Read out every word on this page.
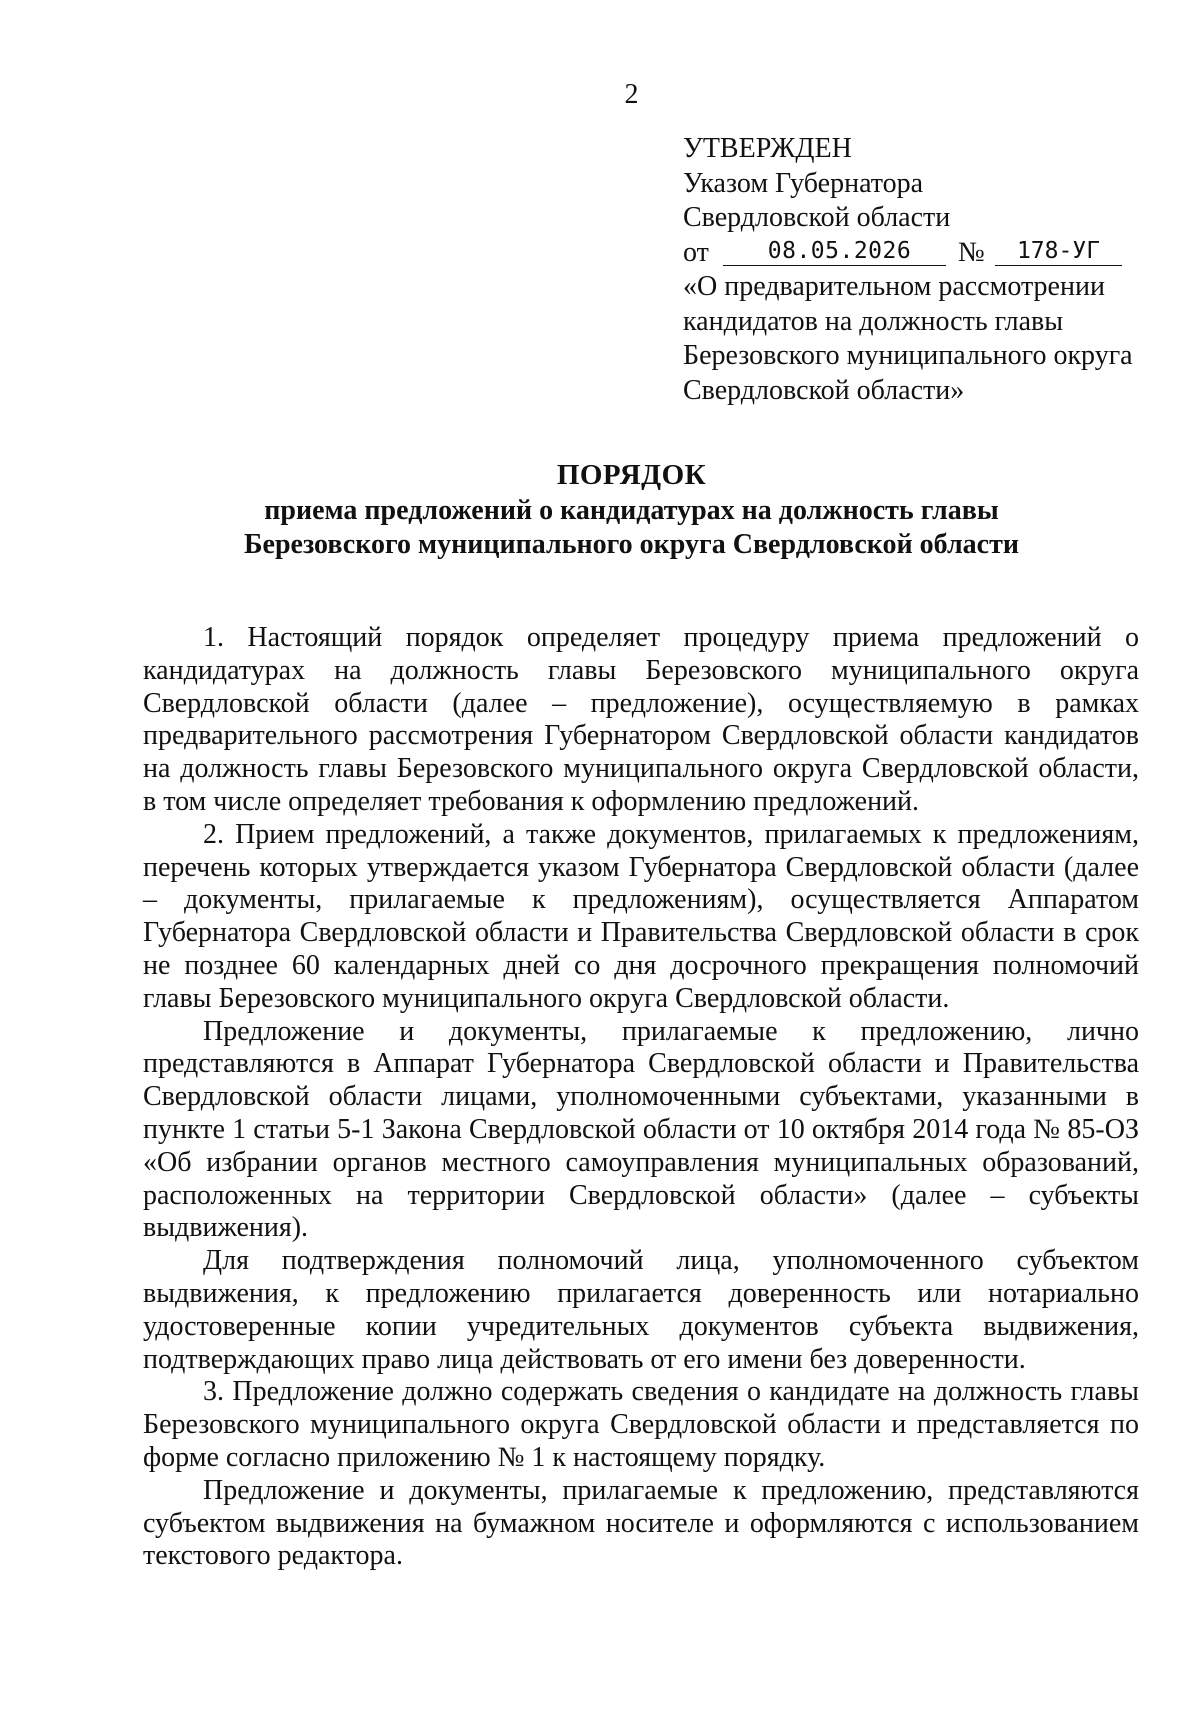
2
УТВЕРЖДЕН
Указом Губернатора
Свердловской области
от	08.05.2026	№	178-УГ
«О предварительном рассмотрении
кандидатов на должность главы
Березовского муниципального округа
Свердловской области»
ПОРЯДОК
приема предложений о кандидатурах на должность главы
Березовского муниципального округа Свердловской области

1. Настоящий порядок определяет процедуру приема предложений о кандидатурах на должность главы Березовского муниципального округа Свердловской области (далее – предложение), осуществляемую в рамках предварительного рассмотрения Губернатором Свердловской области кандидатов на должность главы Березовского муниципального округа Свердловской области, в том числе определяет требования к оформлению предложений.

2. Прием предложений, а также документов, прилагаемых к предложениям, перечень которых утверждается указом Губернатора Свердловской области (далее – документы, прилагаемые к предложениям), осуществляется Аппаратом Губернатора Свердловской области и Правительства Свердловской области в срок не позднее 60 календарных дней со дня досрочного прекращения полномочий главы Березовского муниципального округа Свердловской области.

Предложение и документы, прилагаемые к предложению, лично представляются в Аппарат Губернатора Свердловской области и Правительства Свердловской области лицами, уполномоченными субъектами, указанными в пункте 1 статьи 5-1 Закона Свердловской области от 10 октября 2014 года № 85-ОЗ «Об избрании органов местного самоуправления муниципальных образований, расположенных на территории Свердловской области» (далее – субъекты выдвижения).

Для подтверждения полномочий лица, уполномоченного субъектом выдвижения, к предложению прилагается доверенность или нотариально удостоверенные копии учредительных документов субъекта выдвижения, подтверждающих право лица действовать от его имени без доверенности.

3. Предложение должно содержать сведения о кандидате на должность главы Березовского муниципального округа Свердловской области и представляется по форме согласно приложению № 1 к настоящему порядку.

Предложение и документы, прилагаемые к предложению, представляются субъектом выдвижения на бумажном носителе и оформляются с использованием текстового редактора.
